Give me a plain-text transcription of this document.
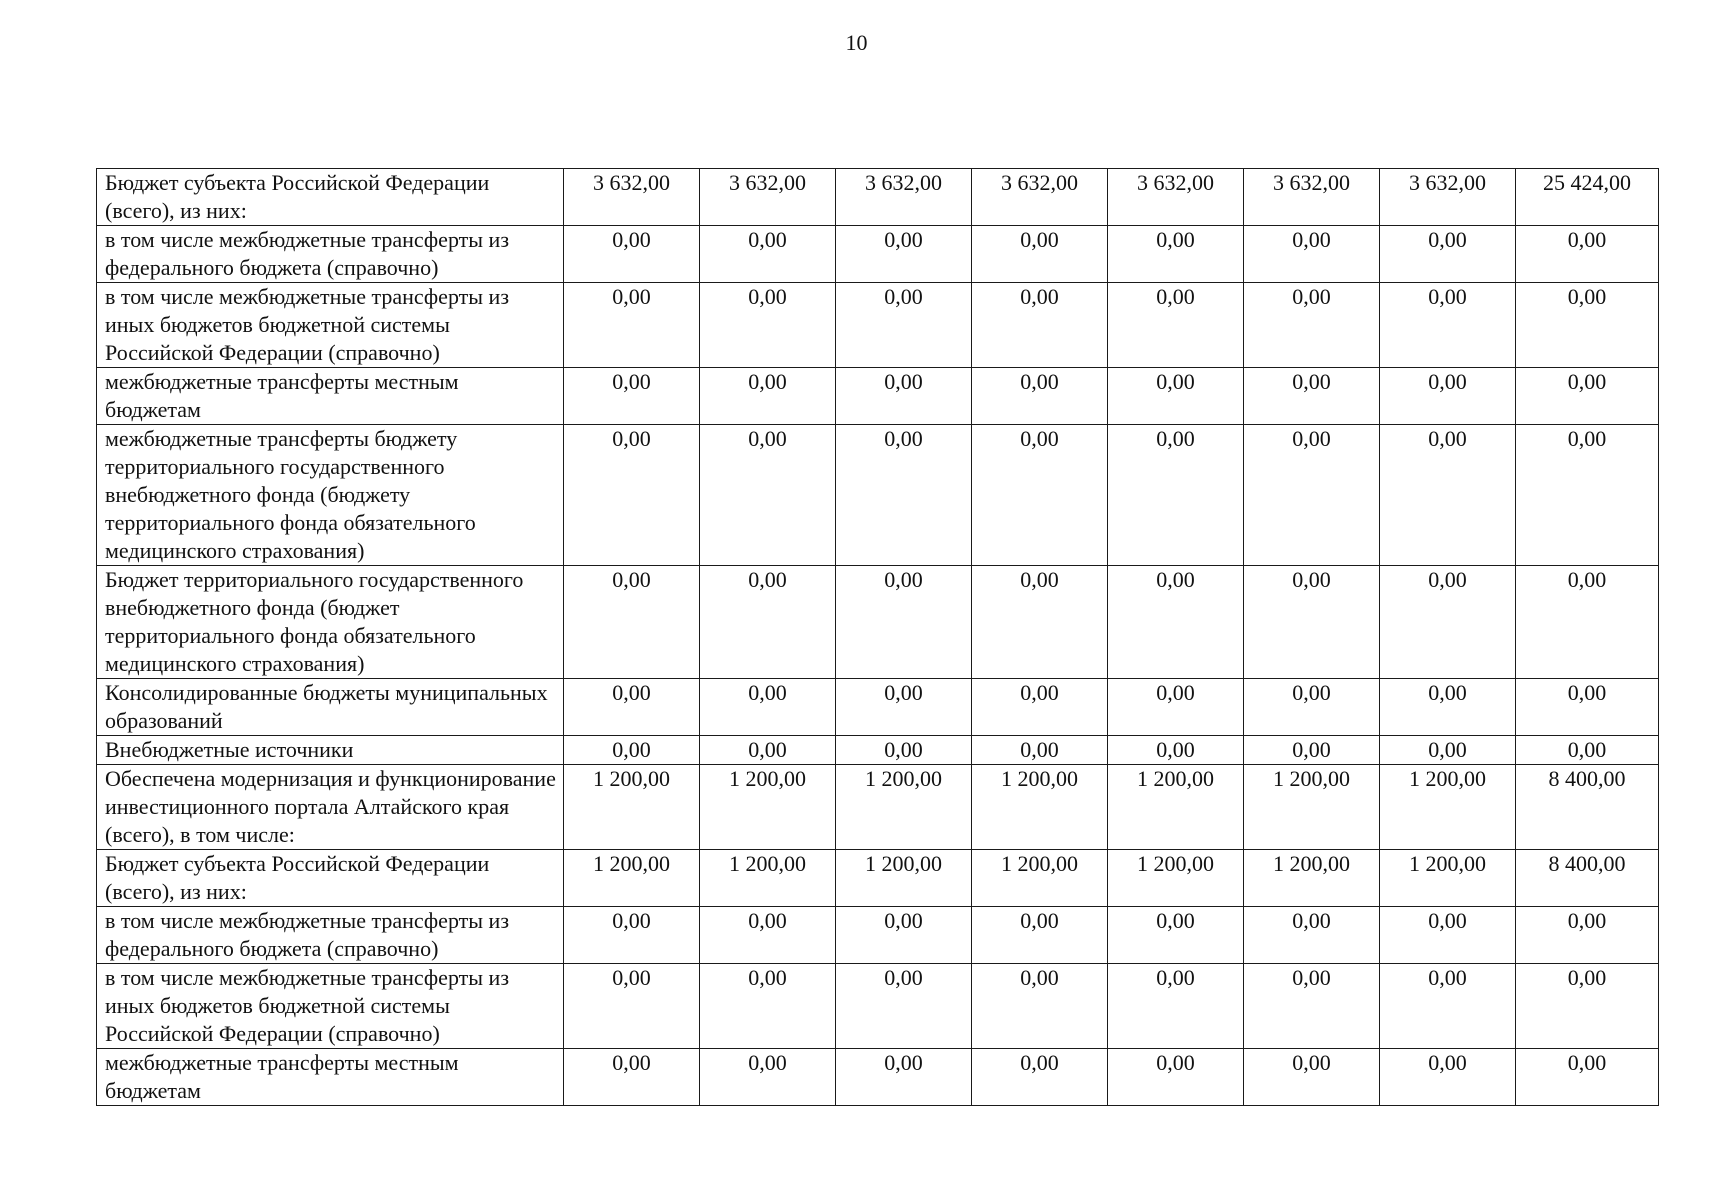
10
Бюджет субъекта Российской Федерации (всего), из них:	3 632,00	3 632,00	3 632,00	3 632,00	3 632,00	3 632,00	3 632,00	25 424,00
в том числе межбюджетные трансферты из федерального бюджета (справочно)	0,00	0,00	0,00	0,00	0,00	0,00	0,00	0,00
в том числе межбюджетные трансферты из иных бюджетов бюджетной системы Российской Федерации (справочно)	0,00	0,00	0,00	0,00	0,00	0,00	0,00	0,00
межбюджетные трансферты местным бюджетам	0,00	0,00	0,00	0,00	0,00	0,00	0,00	0,00
межбюджетные трансферты бюджету территориального государственного внебюджетного фонда (бюджету территориального фонда обязательного медицинского страхования)	0,00	0,00	0,00	0,00	0,00	0,00	0,00	0,00
Бюджет территориального государственного внебюджетного фонда (бюджет территориального фонда обязательного медицинского страхования)	0,00	0,00	0,00	0,00	0,00	0,00	0,00	0,00
Консолидированные бюджеты муниципальных образований	0,00	0,00	0,00	0,00	0,00	0,00	0,00	0,00
Внебюджетные источники	0,00	0,00	0,00	0,00	0,00	0,00	0,00	0,00
Обеспечена модернизация и функционирование инвестиционного портала Алтайского края (всего), в том числе:	1 200,00	1 200,00	1 200,00	1 200,00	1 200,00	1 200,00	1 200,00	8 400,00
Бюджет субъекта Российской Федерации (всего), из них:	1 200,00	1 200,00	1 200,00	1 200,00	1 200,00	1 200,00	1 200,00	8 400,00
в том числе межбюджетные трансферты из федерального бюджета (справочно)	0,00	0,00	0,00	0,00	0,00	0,00	0,00	0,00
в том числе межбюджетные трансферты из иных бюджетов бюджетной системы Российской Федерации (справочно)	0,00	0,00	0,00	0,00	0,00	0,00	0,00	0,00
межбюджетные трансферты местным бюджетам	0,00	0,00	0,00	0,00	0,00	0,00	0,00	0,00
